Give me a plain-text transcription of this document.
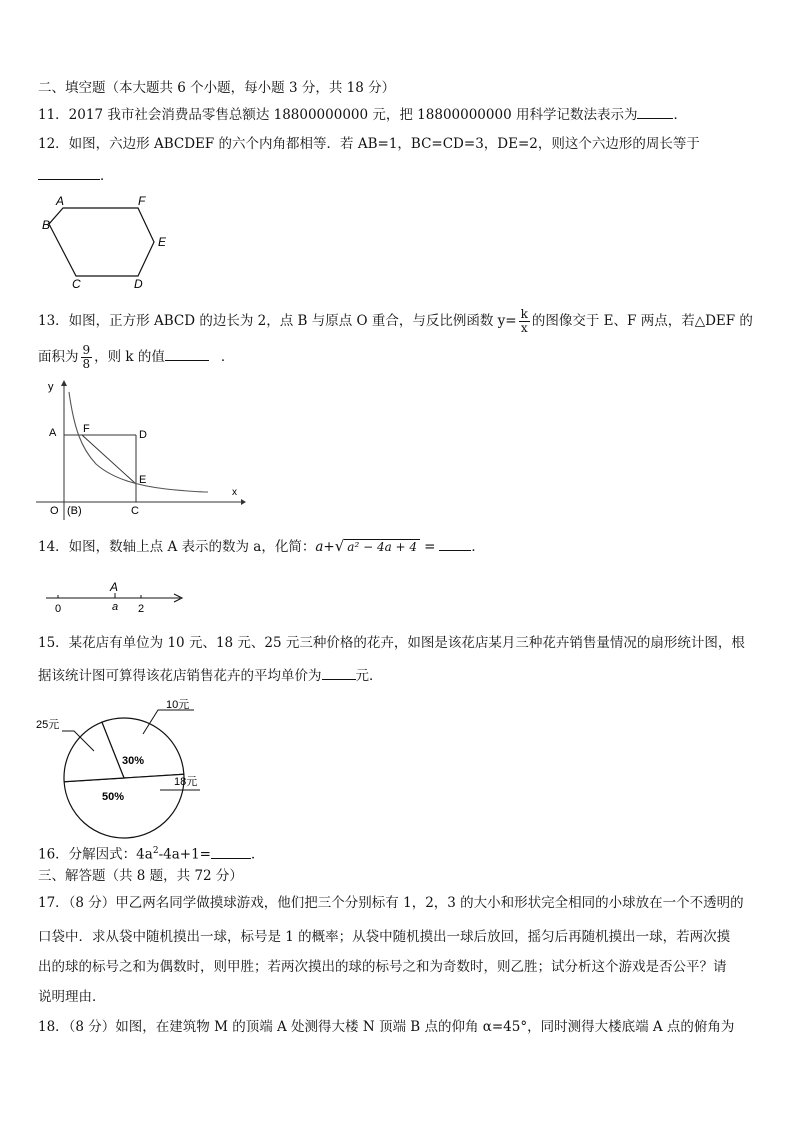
二、填空题（本大题共 6 个小题，每小题 3 分，共 18 分）
11．2017 我市社会消费品零售总额达 18800000000 元，把 18800000000 用科学记数法表示为	．
12．如图，六边形 ABCDEF 的六个内角都相等．若 AB=1，BC=CD=3，DE=2，则这个六边形的周长等于
．
A	F
B
E
C	D
13．如图，正方形 ABCD 的边长为 2，点 B 与原点 O 重合，与反比例函数 $y= \frac{k}{x}$ 的图像交于 E、F 两点，若△DEF 的
面积为 $\frac{9}{8}$ ，则 k 的值	．
y
A F	D
E
O (B)	C
x
14．如图，数轴上点 A 表示的数为 a，化简：a+√ a² − 4a + 4 =	．
0
A
a 2
15．某花店有单位为 10 元、18 元、25 元三种价格的花卉，如图是该花店某月三种花卉销售量情况的扇形统计图，根
据该统计图可算得该花店销售花卉的平均单价为	元．
10元
25元
18元
30%
50%
16．分解因式：$4a^2-4a+1=$	．
三、解答题（共 8 题，共 72 分）
17．（8 分）甲乙两名同学做摸球游戏，他们把三个分别标有 1，2，3 的大小和形状完全相同的小球放在一个不透明的
口袋中．求从袋中随机摸出一球，标号是 1 的概率；从袋中随机摸出一球后放回，摇匀后再随机摸出一球，若两次摸
出的球的标号之和为偶数时，则甲胜；若两次摸出的球的标号之和为奇数时，则乙胜；试分析这个游戏是否公平？请
说明理由．
18．（8 分）如图，在建筑物 M 的顶端 A 处测得大楼 N 顶端 B 点的仰角 α=45°，同时测得大楼底端 A 点的俯角为
